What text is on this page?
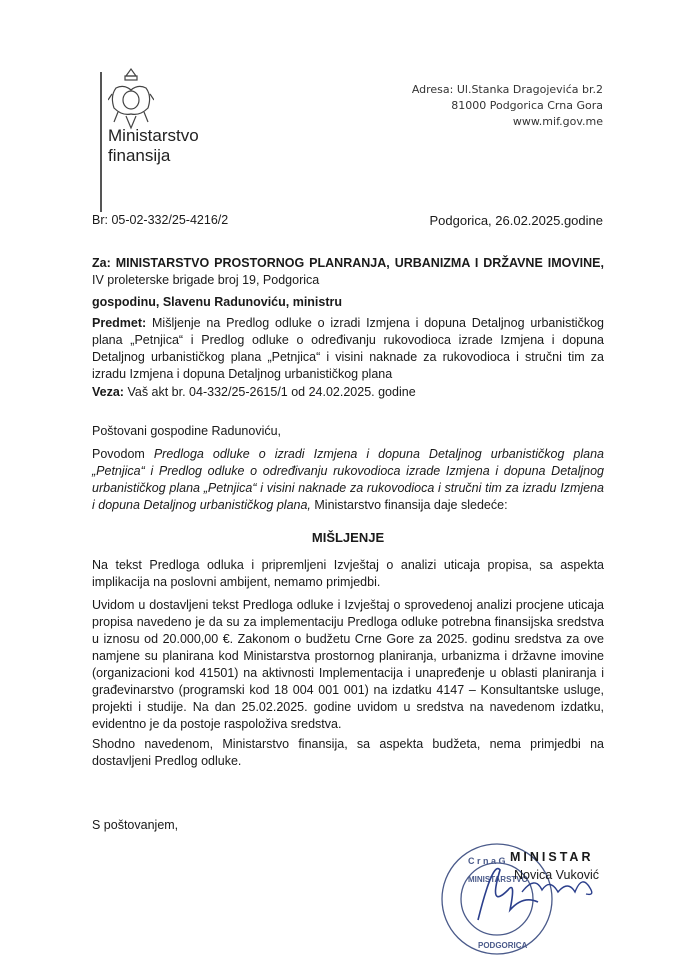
Ministarstvo
finansija
Adresa: Ul.Stanka Dragojevića br.2
81000 Podgorica Crna Gora
www.mif.gov.me
Br: 05-02-332/25-4216/2	Podgorica, 26.02.2025.godine
Za: MINISTARSTVO PROSTORNOG PLANRANJA, URBANIZMA I DRŽAVNE IMOVINE, IV proleterske brigade broj 19, Podgorica
gospodinu, Slavenu Radunoviću, ministru
Predmet: Mišljenje na Predlog odluke o izradi Izmjena i dopuna Detaljnog urbanističkog plana „Petnjica“ i Predlog odluke o određivanju rukovodioca izrade Izmjena i dopuna Detaljnog urbanističkog plana „Petnjica“ i visini naknade za rukovodioca i stručni tim za izradu Izmjena i dopuna Detaljnog urbanističkog plana
Veza: Vaš akt br. 04-332/25-2615/1 od 24.02.2025. godine
Poštovani gospodine Radunoviću,
Povodom Predloga odluke o izradi Izmjena i dopuna Detaljnog urbanističkog plana „Petnjica“ i Predlog odluke o određivanju rukovodioca izrade Izmjena i dopuna Detaljnog urbanističkog plana „Petnjica“ i visini naknade za rukovodioca i stručni tim za izradu Izmjena i dopuna Detaljnog urbanističkog plana, Ministarstvo finansija daje sledeće:
MIŠLJENJE
Na tekst Predloga odluka i pripremljeni Izvještaj o analizi uticaja propisa, sa aspekta implikacija na poslovni ambijent, nemamo primjedbi.
Uvidom u dostavljeni tekst Predloga odluke i Izvještaj o sprovedenoj analizi procjene uticaja propisa navedeno je da su za implementaciju Predloga odluke potrebna finansijska sredstva u iznosu od 20.000,00 €. Zakonom o budžetu Crne Gore za 2025. godinu sredstva za ove namjene su planirana kod Ministarstva prostornog planiranja, urbanizma i državne imovine (organizacioni kod 41501) na aktivnosti Implementacija i unapređenje u oblasti planiranja i građevinarstvo (programski kod 18 004 001 001) na izdatku 4147 – Konsultantske usluge, projekti i studije. Na dan 25.02.2025. godine uvidom u sredstva na navedenom izdatku, evidentno je da postoje raspoloživa sredstva.
Shodno navedenom, Ministarstvo finansija, sa aspekta budžeta, nema primjedbi na dostavljeni Predlog odluke.
S poštovanjem,
C r n a G
MINISTARSTVO
PODGORICA
MINISTAR
Novica Vuković
